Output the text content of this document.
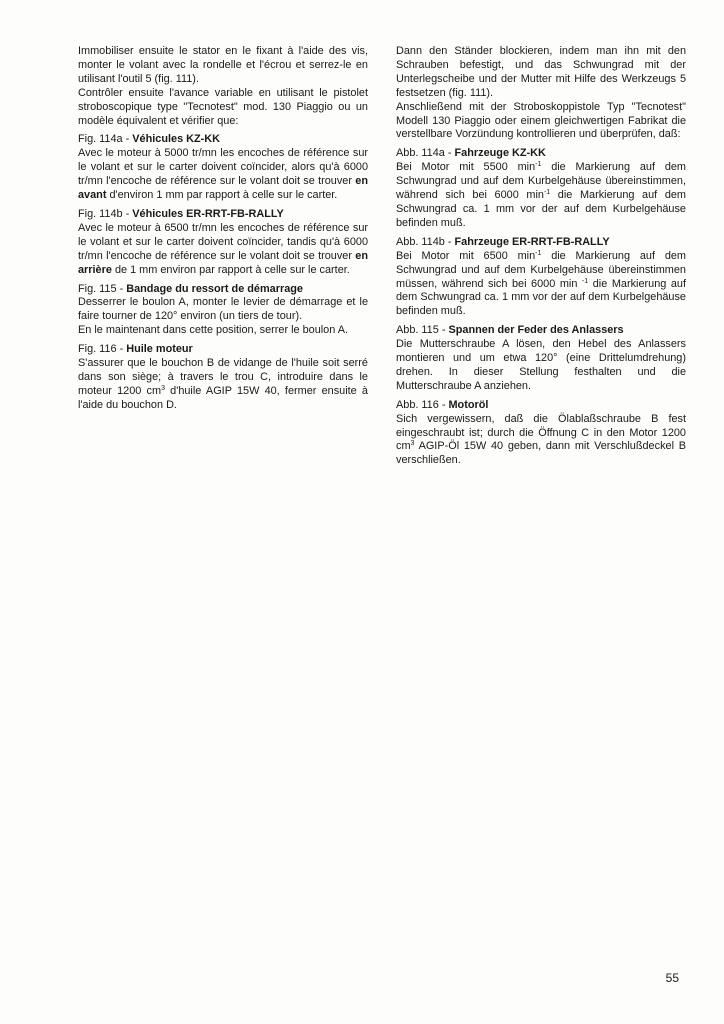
Immobiliser ensuite le stator en le fixant à l'aide des vis, monter le volant avec la rondelle et l'écrou et serrez-le en utilisant l'outil 5 (fig. 111).

Contrôler ensuite l'avance variable en utilisant le pistolet stroboscopique type "Tecnotest" mod. 130 Piaggio ou un modèle équivalent et vérifier que:

Fig. 114a - Véhicules KZ-KK

Avec le moteur à 5000 tr/mn les encoches de référence sur le volant et sur le carter doivent coïncider, alors qu'à 6000 tr/mn l'encoche de référence sur le volant doit se trouver en avant d'environ 1 mm par rapport à celle sur le carter.

Fig. 114b - Véhicules ER-RRT-FB-RALLY

Avec le moteur à 6500 tr/mn les encoches de référence sur le volant et sur le carter doivent coïncider, tandis qu'à 6000 tr/mn l'encoche de référence sur le volant doit se trouver en arrière de 1 mm environ par rapport à celle sur le carter.

Fig. 115 - Bandage du ressort de démarrage

Desserrer le boulon A, monter le levier de démarrage et le faire tourner de 120° environ (un tiers de tour).

En le maintenant dans cette position, serrer le boulon A.

Fig. 116 - Huile moteur

S'assurer que le bouchon B de vidange de l'huile soit serré dans son siège; à travers le trou C, introduire dans le moteur 1200 $cm^3$ d'huile AGIP 15W 40, fermer ensuite à l'aide du bouchon D.

Dann den Ständer blockieren, indem man ihn mit den Schrauben befestigt, und das Schwungrad mit der Unterlegscheibe und der Mutter mit Hilfe des Werkzeugs 5 festsetzen (fig. 111).

Anschließend mit der Stroboskoppistole Typ "Tecnotest" Modell 130 Piaggio oder einem gleichwertigen Fabrikat die verstellbare Vorzündung kontrollieren und überprüfen, daß:

Abb. 114a - Fahrzeuge KZ-KK

Bei Motor mit 5500 $\min^{-1}$ die Markierung auf dem Schwungrad und auf dem Kurbelgehäuse übereinstimmen, während sich bei 6000 $\min^{-1}$ die Markierung auf dem Schwungrad ca. 1 mm vor der auf dem Kurbelgehäuse befinden muß.

Abb. 114b - Fahrzeuge ER-RRT-FB-RALLY

Bei Motor mit 6500 $\min^{-1}$ die Markierung auf dem Schwungrad und auf dem Kurbelgehäuse übereinstimmen müssen, während sich bei 6000 min $^{-1}$ die Markierung auf dem Schwungrad ca. 1 mm vor der auf dem Kurbelgehäuse befinden muß.

Abb. 115 - Spannen der Feder des Anlassers

Die Mutterschraube A lösen, den Hebel des Anlassers montieren und um etwa 120° (eine Drittelumdrehung) drehen. In dieser Stellung festhalten und die Mutterschraube A anziehen.

Abb. 116 - Motoröl

Sich vergewissern, daß die Ölablaßschraube B fest eingeschraubt ist; durch die Öffnung C in den Motor 1200 $cm^3$ AGIP-Öl 15W 40 geben, dann mit Verschlußdeckel B verschließen.

55
